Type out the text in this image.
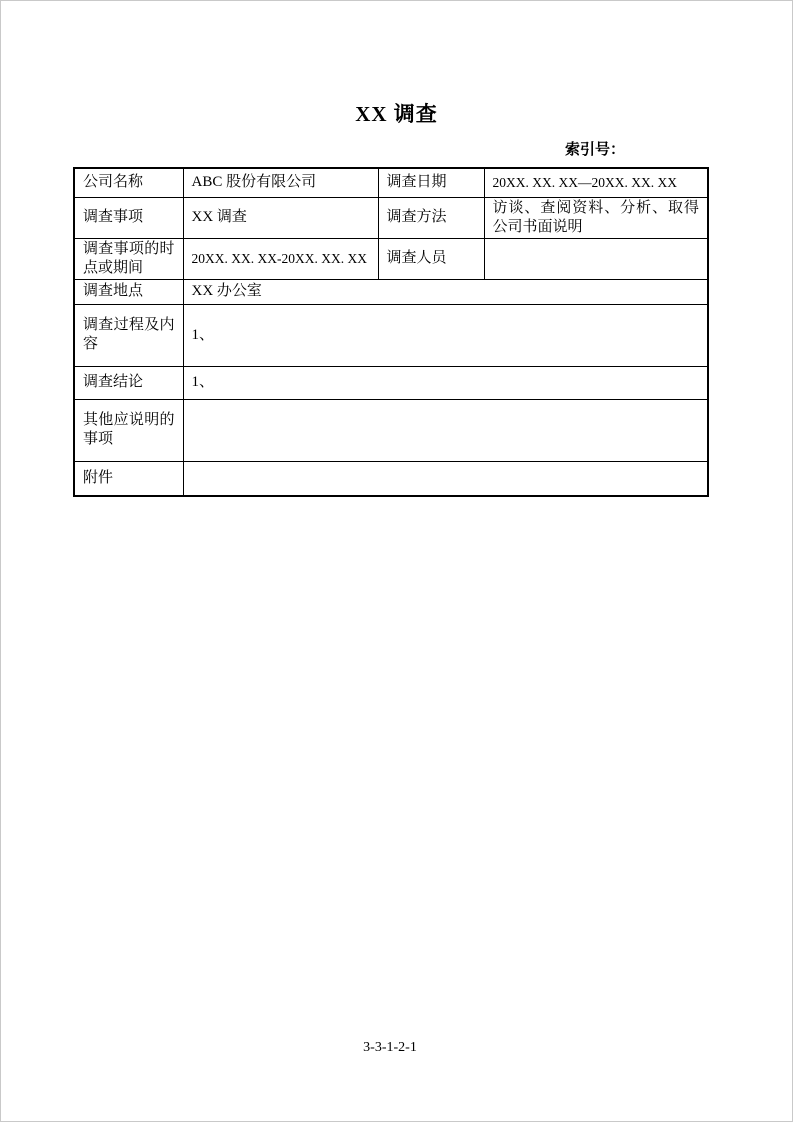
XX 调查
索引号：
公司名称	ABC 股份有限公司	调查日期	20XX. XX. XX—20XX. XX. XX
调查事项	XX 调查	调查方法	访谈、查阅资料、分析、取得公司书面说明
调查事项的时点或期间	20XX. XX. XX-20XX. XX. XX	调查人员	
调查地点	XX 办公室		
调查过程及内容	1、		
调查结论	1、		
其他应说明的事项			
附件			
3-3-1-2-1
